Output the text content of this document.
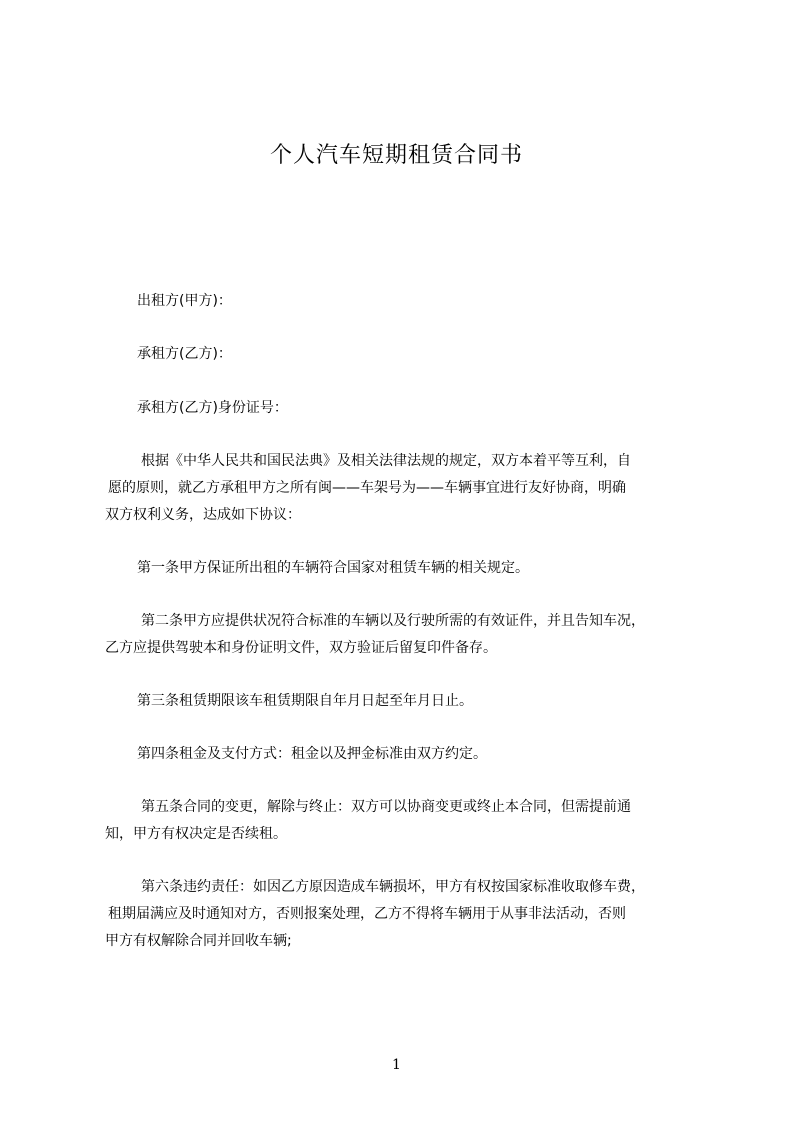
个人汽车短期租赁合同书
出租方(甲方)：
承租方(乙方)：
承租方(乙方)身份证号：
根据《中华人民共和国民法典》及相关法律法规的规定，双方本着平等互利，自
愿的原则，就乙方承租甲方之所有闽——车架号为——车辆事宜进行友好协商，明确
双方权利义务，达成如下协议：
第一条甲方保证所出租的车辆符合国家对租赁车辆的相关规定。
第二条甲方应提供状况符合标准的车辆以及行驶所需的有效证件，并且告知车况，
乙方应提供驾驶本和身份证明文件，双方验证后留复印件备存。
第三条租赁期限该车租赁期限自年月日起至年月日止。
第四条租金及支付方式：租金以及押金标准由双方约定。
第五条合同的变更，解除与终止：双方可以协商变更或终止本合同，但需提前通
知，甲方有权决定是否续租。
第六条违约责任：如因乙方原因造成车辆损坏，甲方有权按国家标准收取修车费，
租期届满应及时通知对方，否则报案处理，乙方不得将车辆用于从事非法活动，否则
甲方有权解除合同并回收车辆;
1
